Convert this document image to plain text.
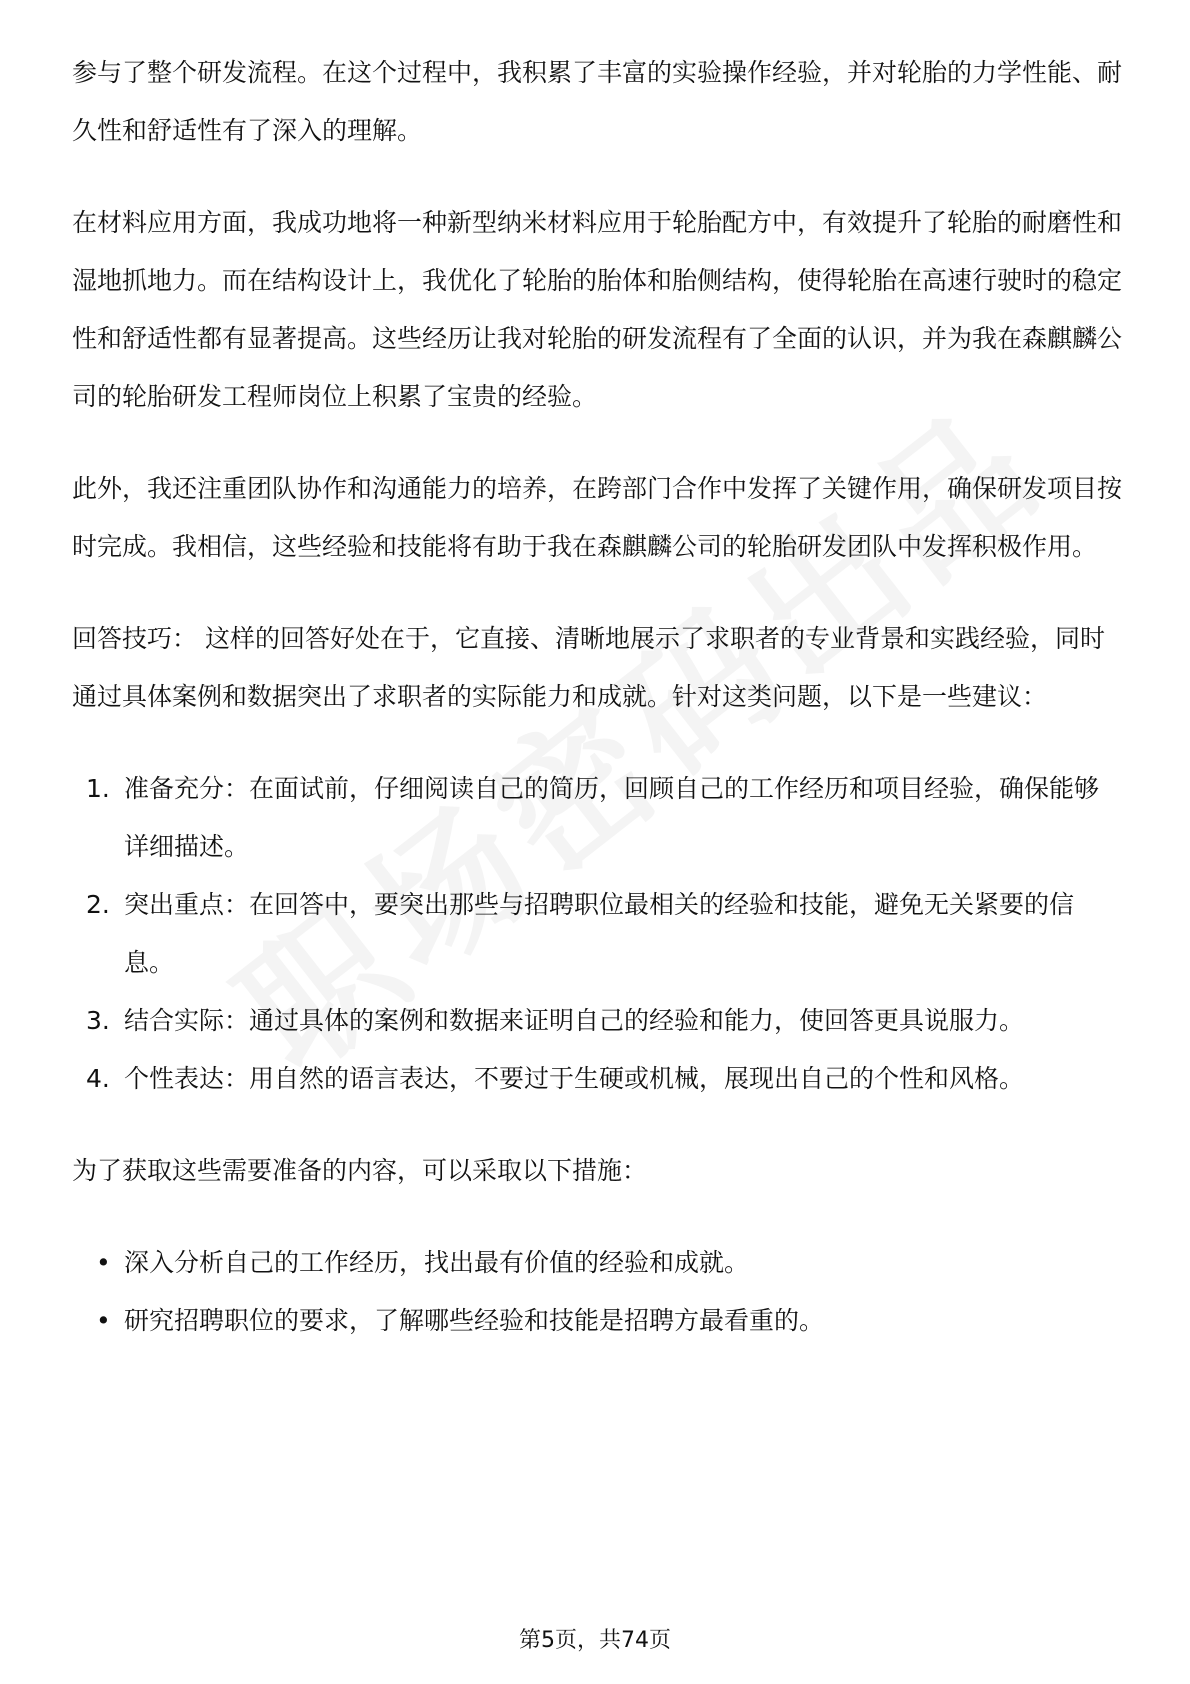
参与了整个研发流程。在这个过程中，我积累了丰富的实验操作经验，并对轮胎的力学性能、耐久性和舒适性有了深入的理解。

在材料应用方面，我成功地将一种新型纳米材料应用于轮胎配方中，有效提升了轮胎的耐磨性和湿地抓地力。而在结构设计上，我优化了轮胎的胎体和胎侧结构，使得轮胎在高速行驶时的稳定性和舒适性都有显著提高。这些经历让我对轮胎的研发流程有了全面的认识，并为我在森麒麟公司的轮胎研发工程师岗位上积累了宝贵的经验。

此外，我还注重团队协作和沟通能力的培养，在跨部门合作中发挥了关键作用，确保研发项目按时完成。我相信，这些经验和技能将有助于我在森麒麟公司的轮胎研发团队中发挥积极作用。

回答技巧： 这样的回答好处在于，它直接、清晰地展示了求职者的专业背景和实践经验，同时通过具体案例和数据突出了求职者的实际能力和成就。针对这类问题，以下是一些建议：

1. 准备充分：在面试前，仔细阅读自己的简历，回顾自己的工作经历和项目经验，确保能够详细描述。
2. 突出重点：在回答中，要突出那些与招聘职位最相关的经验和技能，避免无关紧要的信息。
3. 结合实际：通过具体的案例和数据来证明自己的经验和能力，使回答更具说服力。
4. 个性表达：用自然的语言表达，不要过于生硬或机械，展现出自己的个性和风格。

为了获取这些需要准备的内容，可以采取以下措施：

• 深入分析自己的工作经历，找出最有价值的经验和成就。
• 研究招聘职位的要求，了解哪些经验和技能是招聘方最看重的。
第5页，共74页
